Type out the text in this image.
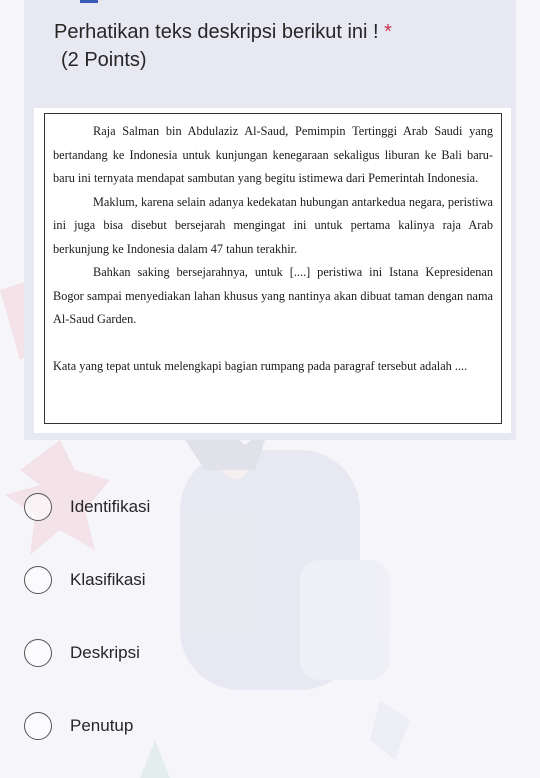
Perhatikan teks deskripsi berikut ini ! *
(2 Points)

Raja Salman bin Abdulaziz Al-Saud, Pemimpin Tertinggi Arab Saudi yang bertandang ke Indonesia untuk kunjungan kenegaraan sekaligus liburan ke Bali baru-baru ini ternyata mendapat sambutan yang begitu istimewa dari Pemerintah Indonesia.

Maklum, karena selain adanya kedekatan hubungan antarkedua negara, peristiwa ini juga bisa disebut bersejarah mengingat ini untuk pertama kalinya raja Arab berkunjung ke Indonesia dalam 47 tahun terakhir.

Bahkan saking bersejarahnya, untuk [....] peristiwa ini Istana Kepresidenan Bogor sampai menyediakan lahan khusus yang nantinya akan dibuat taman dengan nama Al-Saud Garden.

Kata yang tepat untuk melengkapi bagian rumpang pada paragraf tersebut adalah ....

Identifikasi
Klasifikasi
Deskripsi
Penutup
